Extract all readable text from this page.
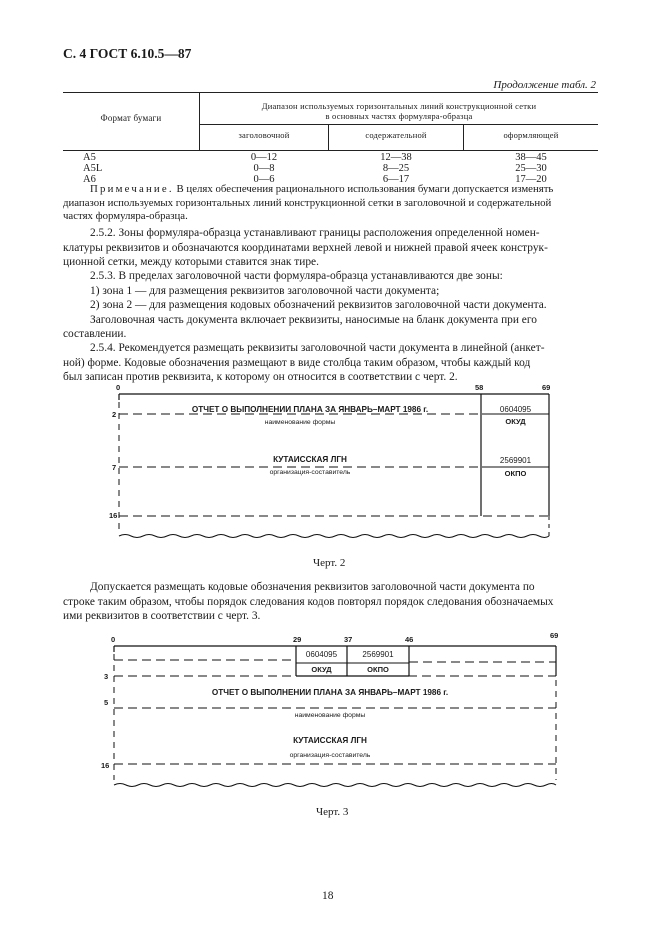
С. 4 ГОСТ 6.10.5—87
Продолжение табл. 2
Формат бумаги
Диапазон используемых горизонтальных линий конструкционной сетки
в основных частях формуляра-образца
заголовочной	содержательной	оформляющей
А5	0—12	12—38	38—45
А5L	0—8	8—25	25—30
А6	0—6	6—17	17—20
Примечание. В целях обеспечения рационального использования бумаги допускается изменять
диапазон используемых горизонтальных линий конструкционной сетки в заголовочной и содержательной
частях формуляра-образца.
2.5.2. Зоны формуляра-образца устанавливают границы расположения определенной номен-
клатуры реквизитов и обозначаются координатами верхней левой и нижней правой ячеек конструк-
ционной сетки, между которыми ставится знак тире.
2.5.3. В пределах заголовочной части формуляра-образца устанавливаются две зоны:
1) зона 1 — для размещения реквизитов заголовочной части документа;
2) зона 2 — для размещения кодовых обозначений реквизитов заголовочной части документа.
Заголовочная часть документа включает реквизиты, наносимые на бланк документа при его
составлении.
2.5.4. Рекомендуется размещать реквизиты заголовочной части документа в линейной (анкет-
ной) форме. Кодовые обозначения размещают в виде столбца таким образом, чтобы каждый код
был записан против реквизита, к которому он относится в соответствии с черт. 2.
0	58	69
2
7
16
ОТЧЕТ О ВЫПОЛНЕНИИ ПЛАНА ЗА ЯНВАРЬ–МАРТ 1986 г.
наименование формы
КУТАИССКАЯ ЛГН
организация-составитель
0604095
ОКУД
2569901
ОКПО
Черт. 2
Допускается размещать кодовые обозначения реквизитов заголовочной части документа по
строке таким образом, чтобы порядок следования кодов повторял порядок следования обозначаемых
ими реквизитов в соответствии с черт. 3.
0	29	37	46	69
3
5
16
0604095
ОКУД
2569901
ОКПО
ОТЧЕТ О ВЫПОЛНЕНИИ ПЛАНА ЗА ЯНВАРЬ–МАРТ 1986 г.
наименование формы
КУТАИССКАЯ ЛГН
организация-составитель
Черт. 3
18
